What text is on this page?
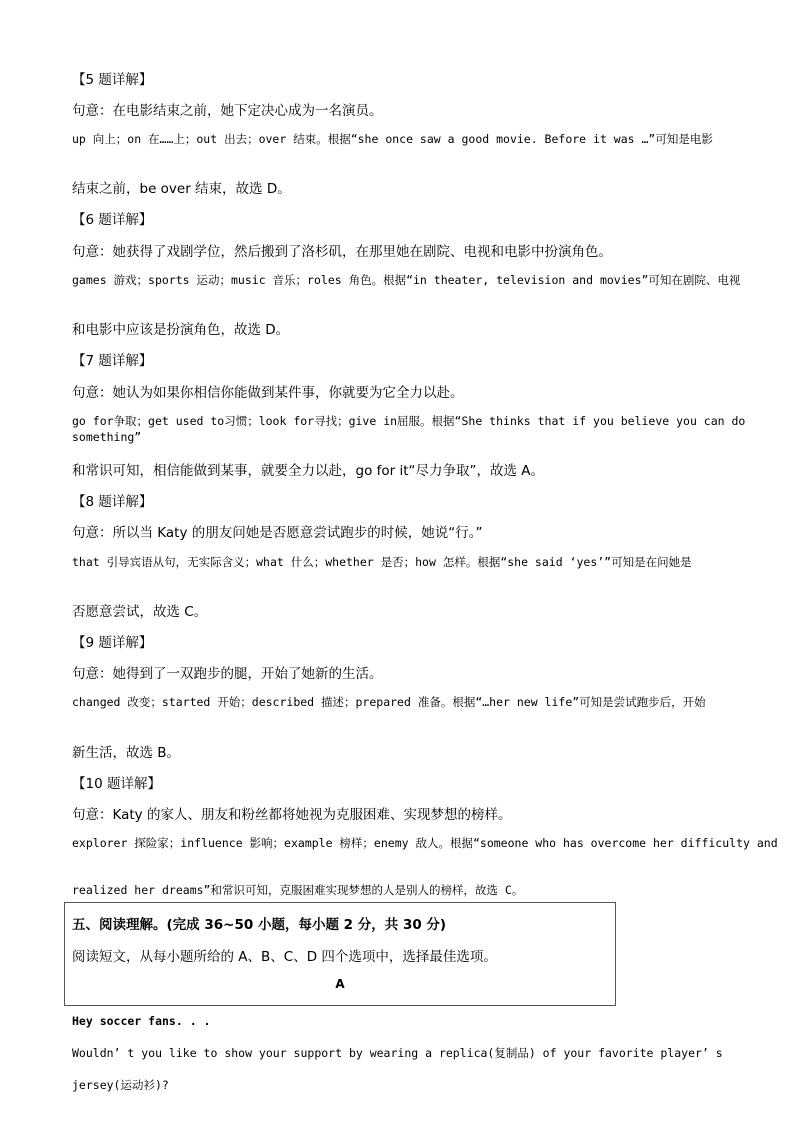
【5 题详解】
句意：在电影结束之前，她下定决心成为一名演员。
up 向上；on 在……上；out 出去；over 结束。根据“she once saw a good movie. Before it was …”可知是电影
结束之前，be over 结束，故选 D。
【6 题详解】
句意：她获得了戏剧学位，然后搬到了洛杉矶，在那里她在剧院、电视和电影中扮演角色。
games 游戏；sports 运动；music 音乐；roles 角色。根据“in theater, television and movies”可知在剧院、电视
和电影中应该是扮演角色，故选 D。
【7 题详解】
句意：她认为如果你相信你能做到某件事，你就要为它全力以赴。
go for争取；get used to习惯；look for寻找；give in屈服。根据“She thinks that if you believe you can do something”
和常识可知，相信能做到某事，就要全力以赴，go for it“尽力争取”，故选 A。
【8 题详解】
句意：所以当 Katy 的朋友问她是否愿意尝试跑步的时候，她说“行。”
that 引导宾语从句，无实际含义；what 什么；whether 是否；how 怎样。根据“she said ‘yes’”可知是在问她是
否愿意尝试，故选 C。
【9 题详解】
句意：她得到了一双跑步的腿，开始了她新的生活。
changed 改变；started 开始；described 描述；prepared 准备。根据“…her new life”可知是尝试跑步后，开始
新生活，故选 B。
【10 题详解】
句意：Katy 的家人、朋友和粉丝都将她视为克服困难、实现梦想的榜样。
explorer 探险家；influence 影响；example 榜样；enemy 敌人。根据“someone who has overcome her difficulty and
realized her dreams”和常识可知，克服困难实现梦想的人是别人的榜样，故选 C。
五、阅读理解。(完成 36~50 小题，每小题 2 分，共 30 分)
阅读短文，从每小题所给的 A、B、C、D 四个选项中，选择最佳选项。
A
Hey soccer fans. . .
Wouldn’ t you like to show your support by wearing a replica(复制品) of your favorite player’ s
jersey(运动衫)?
